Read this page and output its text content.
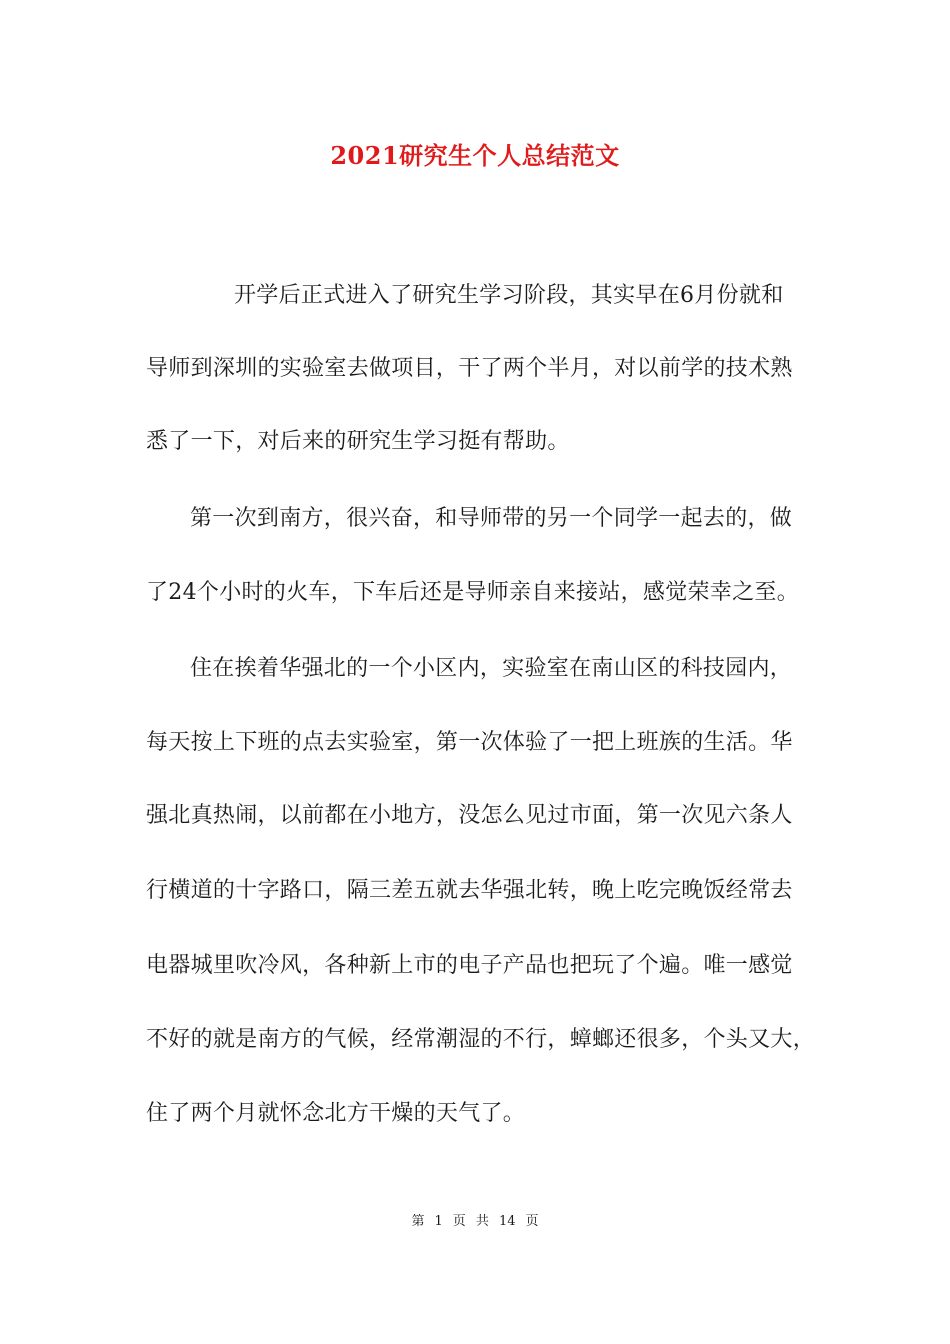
2021研究生个人总结范文
开学后正式进入了研究生学习阶段，其实早在6月份就和
导师到深圳的实验室去做项目，干了两个半月，对以前学的技术熟
悉了一下，对后来的研究生学习挺有帮助。
第一次到南方，很兴奋，和导师带的另一个同学一起去的，做
了24个小时的火车，下车后还是导师亲自来接站，感觉荣幸之至。
住在挨着华强北的一个小区内，实验室在南山区的科技园内，
每天按上下班的点去实验室，第一次体验了一把上班族的生活。华
强北真热闹，以前都在小地方，没怎么见过市面，第一次见六条人
行横道的十字路口，隔三差五就去华强北转，晚上吃完晚饭经常去
电器城里吹冷风，各种新上市的电子产品也把玩了个遍。唯一感觉
不好的就是南方的气候，经常潮湿的不行，蟑螂还很多，个头又大，
住了两个月就怀念北方干燥的天气了。
第 1 页 共 14 页
